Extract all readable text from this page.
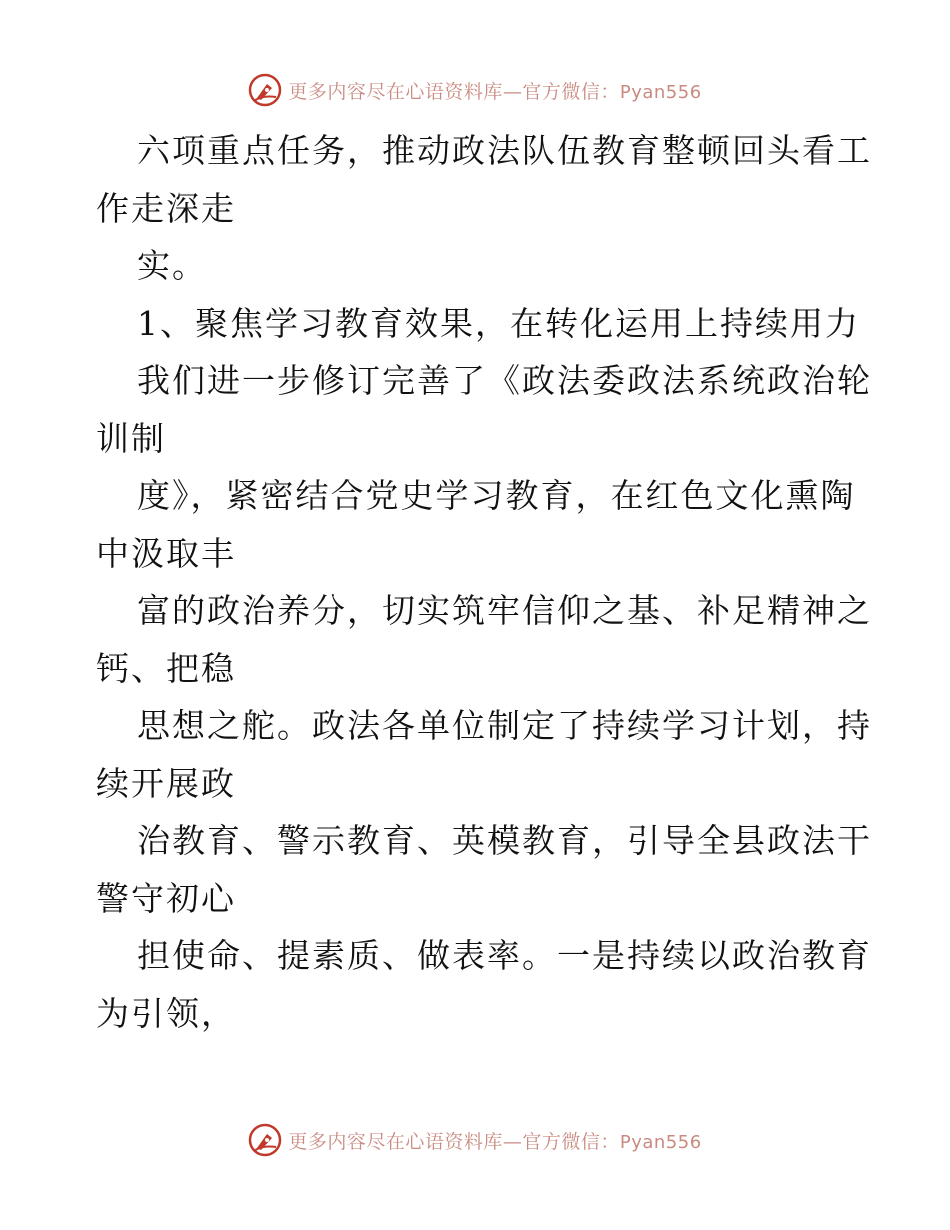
更多内容尽在心语资料库—官方微信：Pyan556
六项重点任务，推动政法队伍教育整顿回头看工
作走深走
实。
1、聚焦学习教育效果，在转化运用上持续用力
我们进一步修订完善了《政法委政法系统政治轮
训制
度》，紧密结合党史学习教育，在红色文化熏陶
中汲取丰
富的政治养分，切实筑牢信仰之基、补足精神之
钙、把稳
思想之舵。政法各单位制定了持续学习计划，持
续开展政
治教育、警示教育、英模教育，引导全县政法干
警守初心
担使命、提素质、做表率。一是持续以政治教育
为引领，
更多内容尽在心语资料库—官方微信：Pyan556
